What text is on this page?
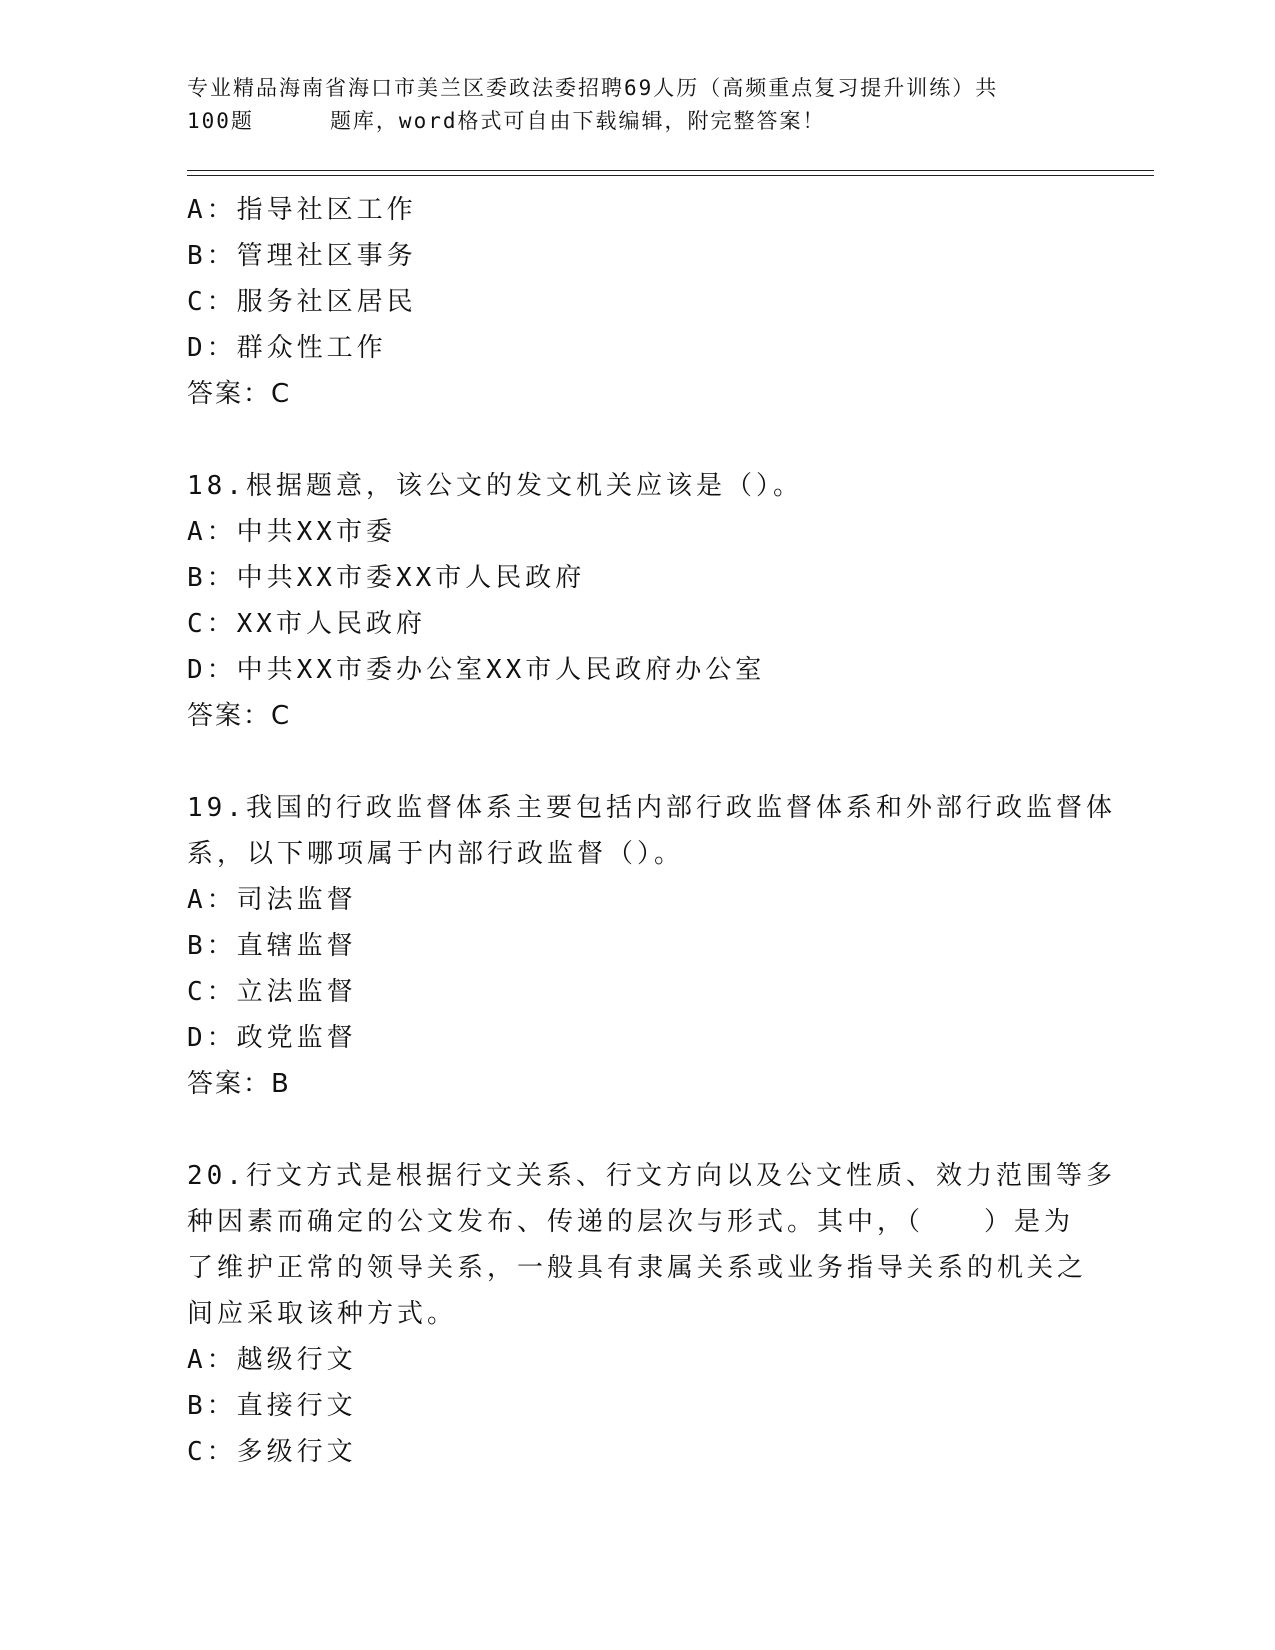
专业精品海南省海口市美兰区委政法委招聘69人历（高频重点复习提升训练）共
100题	题库，word格式可自由下载编辑，附完整答案！
A：指导社区工作
B：管理社区事务
C：服务社区居民
D：群众性工作
答案：C
18.根据题意，该公文的发文机关应该是（）。
A：中共XX市委
B：中共XX市委XX市人民政府
C：XX市人民政府
D：中共XX市委办公室XX市人民政府办公室
答案：C
19.我国的行政监督体系主要包括内部行政监督体系和外部行政监督体
系，以下哪项属于内部行政监督（）。
A：司法监督
B：直辖监督
C：立法监督
D：政党监督
答案：B
20.行文方式是根据行文关系、行文方向以及公文性质、效力范围等多
种因素而确定的公文发布、传递的层次与形式。其中，（　　）是为
了维护正常的领导关系，一般具有隶属关系或业务指导关系的机关之
间应采取该种方式。
A：越级行文
B：直接行文
C：多级行文
